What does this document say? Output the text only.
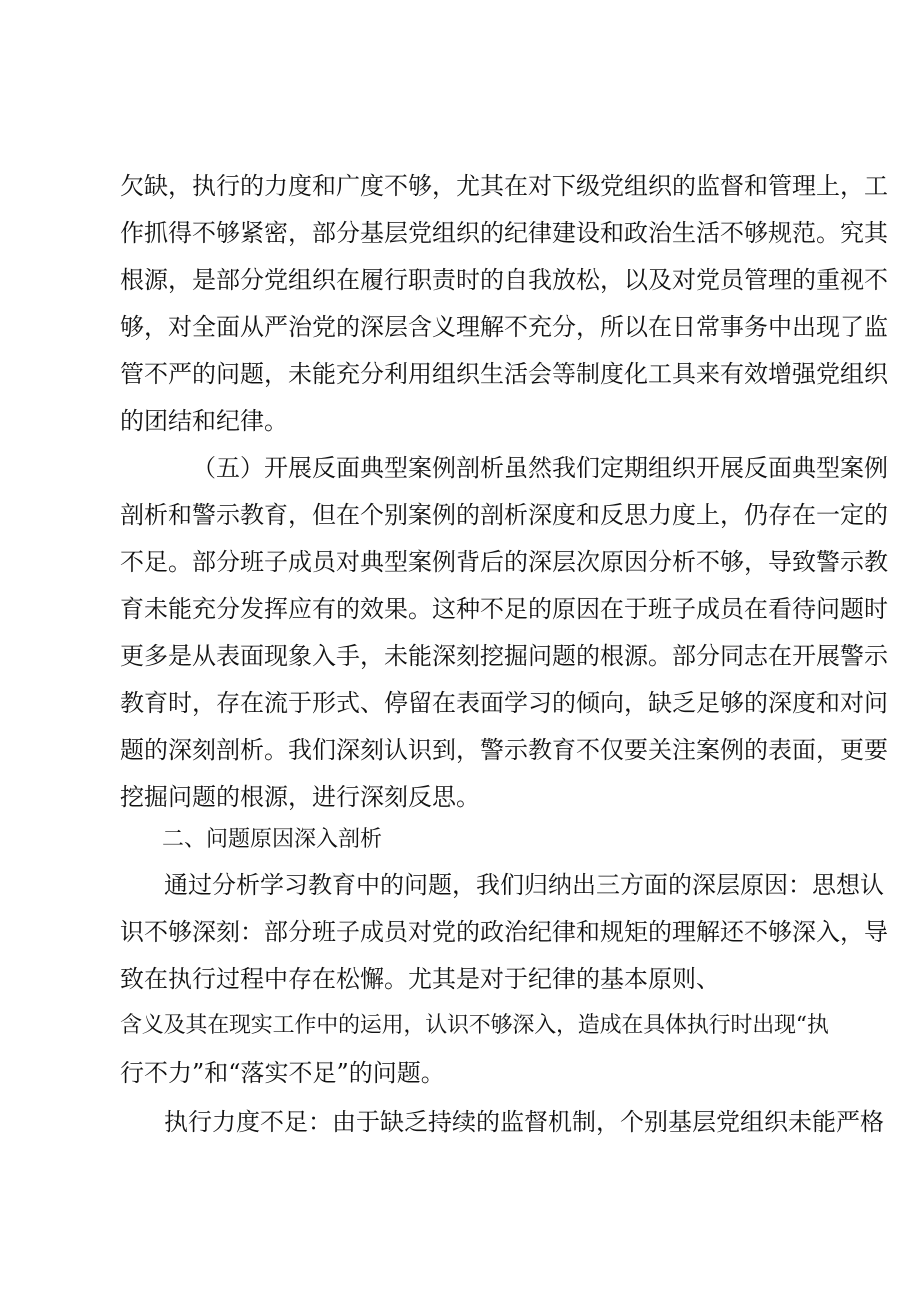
欠缺，执行的力度和广度不够，尤其在对下级党组织的监督和管理上，工
作抓得不够紧密，部分基层党组织的纪律建设和政治生活不够规范。究其
根源，是部分党组织在履行职责时的自我放松，以及对党员管理的重视不
够，对全面从严治党的深层含义理解不充分，所以在日常事务中出现了监
管不严的问题，未能充分利用组织生活会等制度化工具来有效增强党组织
的团结和纪律。
（五）开展反面典型案例剖析虽然我们定期组织开展反面典型案例
剖析和警示教育，但在个别案例的剖析深度和反思力度上，仍存在一定的
不足。部分班子成员对典型案例背后的深层次原因分析不够，导致警示教
育未能充分发挥应有的效果。这种不足的原因在于班子成员在看待问题时
更多是从表面现象入手，未能深刻挖掘问题的根源。部分同志在开展警示
教育时，存在流于形式、停留在表面学习的倾向，缺乏足够的深度和对问
题的深刻剖析。我们深刻认识到，警示教育不仅要关注案例的表面，更要
挖掘问题的根源，进行深刻反思。
二、问题原因深入剖析
通过分析学习教育中的问题，我们归纳出三方面的深层原因：思想认
识不够深刻：部分班子成员对党的政治纪律和规矩的理解还不够深入，导
致在执行过程中存在松懈。尤其是对于纪律的基本原则、
含义及其在现实工作中的运用，认识不够深入，造成在具体执行时出现“执
行不力”和“落实不足”的问题。
执行力度不足：由于缺乏持续的监督机制，个别基层党组织未能严格
